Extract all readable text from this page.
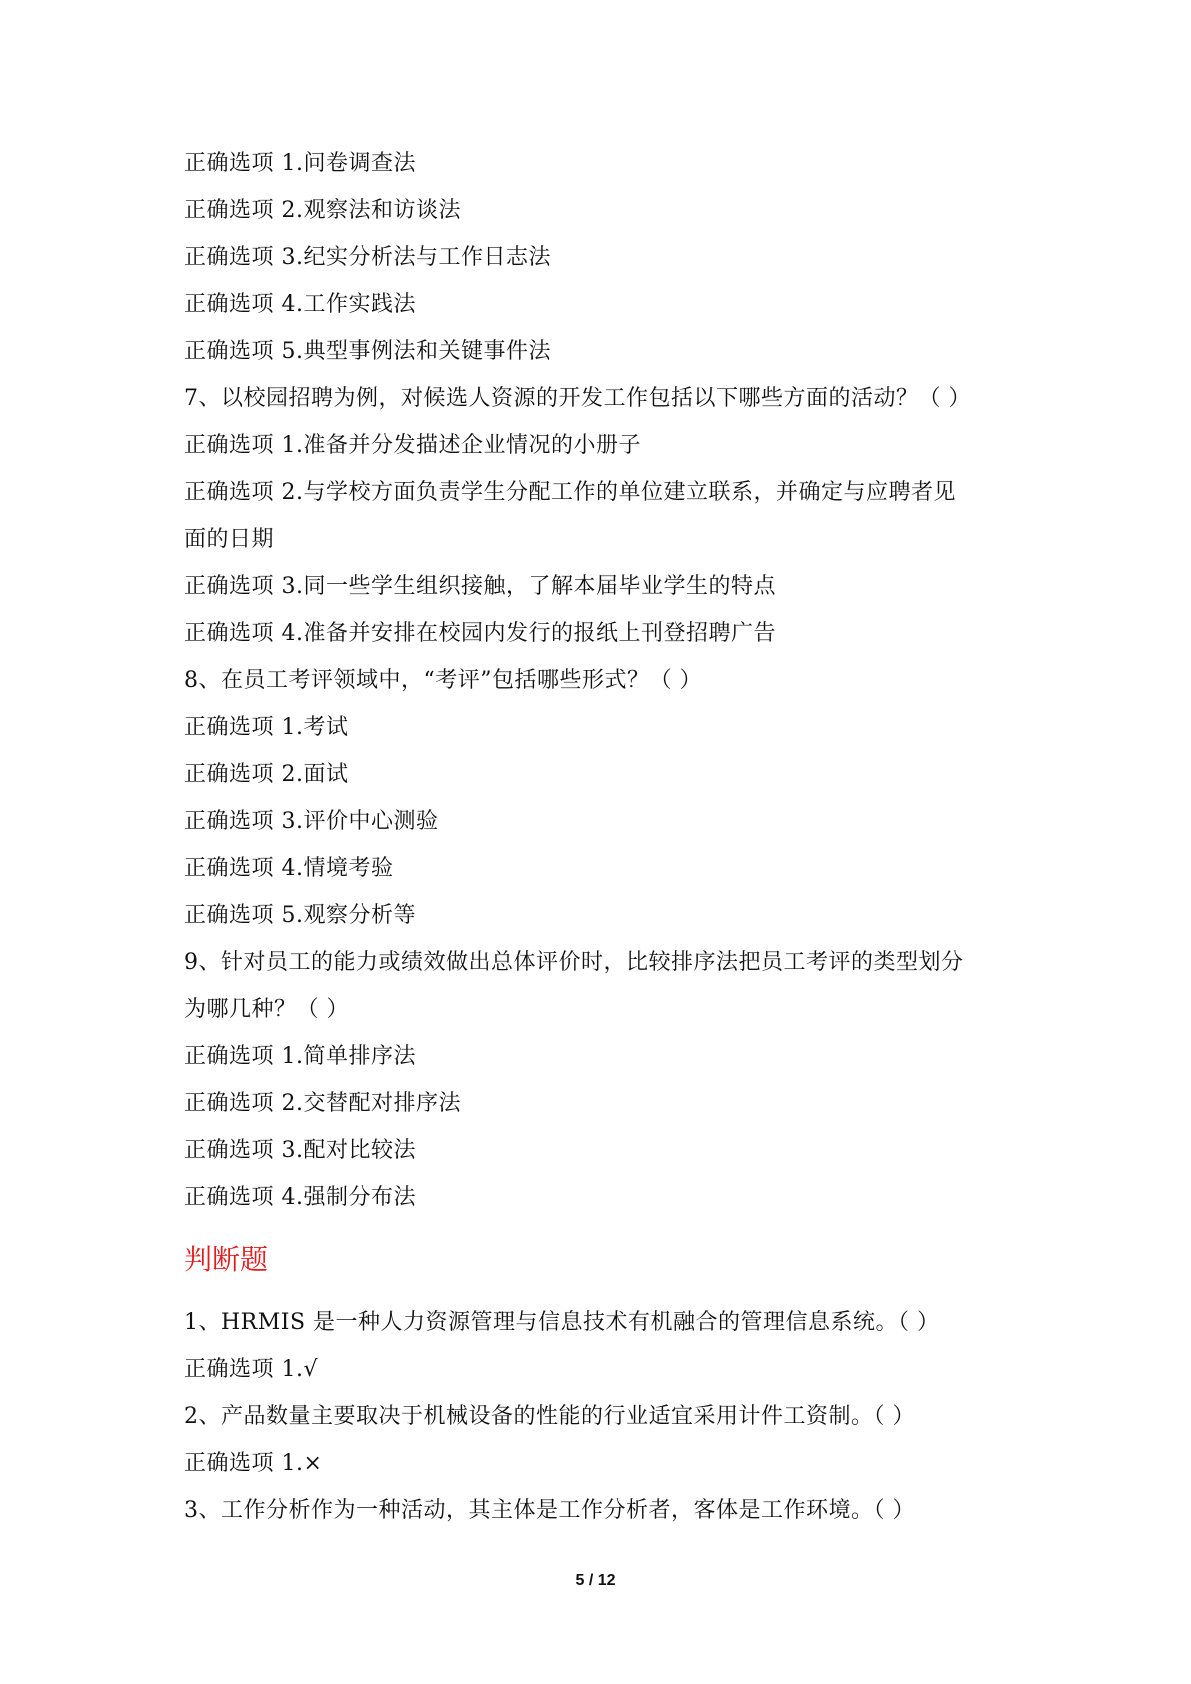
正确选项 1.问卷调查法
正确选项 2.观察法和访谈法
正确选项 3.纪实分析法与工作日志法
正确选项 4.工作实践法
正确选项 5.典型事例法和关键事件法
7、以校园招聘为例，对候选人资源的开发工作包括以下哪些方面的活动？（ ）
正确选项 1.准备并分发描述企业情况的小册子
正确选项 2.与学校方面负责学生分配工作的单位建立联系，并确定与应聘者见
面的日期
正确选项 3.同一些学生组织接触，了解本届毕业学生的特点
正确选项 4.准备并安排在校园内发行的报纸上刊登招聘广告
8、在员工考评领域中，“考评”包括哪些形式？（ ）
正确选项 1.考试
正确选项 2.面试
正确选项 3.评价中心测验
正确选项 4.情境考验
正确选项 5.观察分析等
9、针对员工的能力或绩效做出总体评价时，比较排序法把员工考评的类型划分
为哪几种？（ ）
正确选项 1.简单排序法
正确选项 2.交替配对排序法
正确选项 3.配对比较法
正确选项 4.强制分布法
判断题
1、HRMIS 是一种人力资源管理与信息技术有机融合的管理信息系统。（ ）
正确选项 1.√
2、产品数量主要取决于机械设备的性能的行业适宜采用计件工资制。（ ）
正确选项 1.×
3、工作分析作为一种活动，其主体是工作分析者，客体是工作环境。（ ）
5 / 12
